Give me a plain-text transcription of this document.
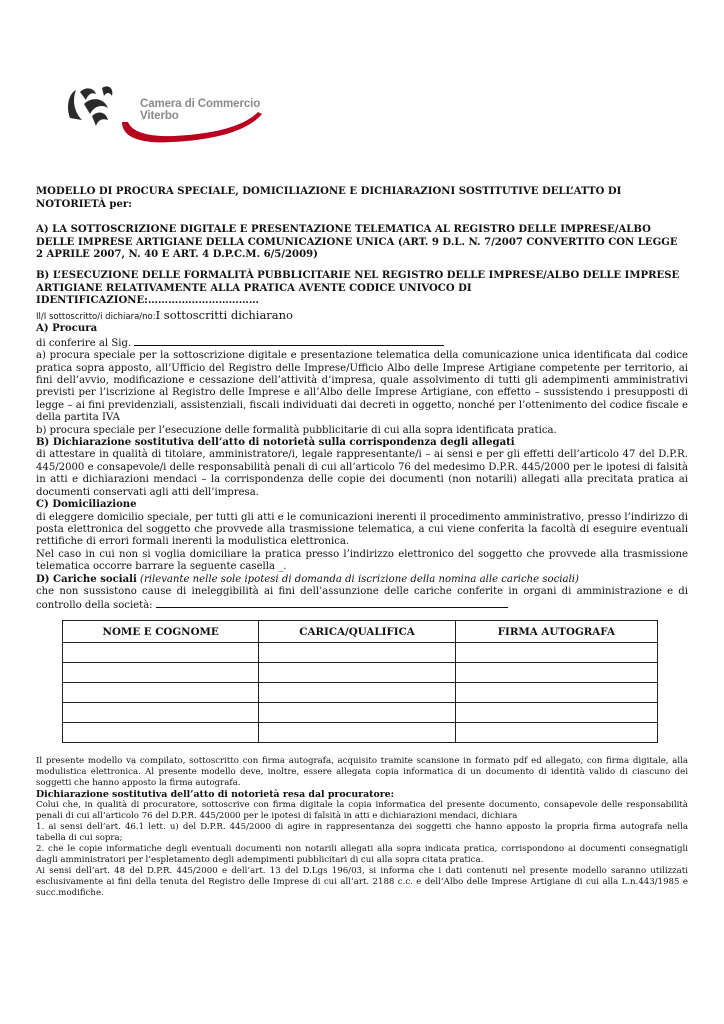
Camera di Commercio
Viterbo
MODELLO DI PROCURA SPECIALE, DOMICILIAZIONE E DICHIARAZIONI SOSTITUTIVE DELL’ATTO DI NOTORIETÀ per:
A) LA SOTTOSCRIZIONE DIGITALE E PRESENTAZIONE TELEMATICA AL REGISTRO DELLE IMPRESE/ALBO DELLE IMPRESE ARTIGIANE DELLA COMUNICAZIONE UNICA (ART. 9 D.L. N. 7/2007 CONVERTITO CON LEGGE 2 APRILE 2007, N. 40 E ART. 4 D.P.C.M. 6/5/2009)
B) L’ESECUZIONE DELLE FORMALITÀ PUBBLICITARIE NEL REGISTRO DELLE IMPRESE/ALBO DELLE IMPRESE ARTIGIANE RELATIVAMENTE ALLA PRATICA AVENTE CODICE UNIVOCO DI IDENTIFICAZIONE:……………………………

Il/I sottoscritto/i dichiara/no:I sottoscritti dichiarano

A) Procura

di conferire al Sig.

a) procura speciale per la sottoscrizione digitale e presentazione telematica della comunicazione unica identificata dal codice pratica sopra apposto, all’Ufficio del Registro delle Imprese/Ufficio Albo delle Imprese Artigiane competente per territorio, ai fini dell’avvio, modificazione e cessazione dell’attività d’impresa, quale assolvimento di tutti gli adempimenti amministrativi previsti per l’iscrizione al Registro delle Imprese e all’Albo delle Imprese Artigiane, con effetto – sussistendo i presupposti di legge – ai fini previdenziali, assistenziali, fiscali individuati dai decreti in oggetto, nonché per l’ottenimento del codice fiscale e della partita IVA

b) procura speciale per l’esecuzione delle formalità pubblicitarie di cui alla sopra identificata pratica.

B) Dichiarazione sostitutiva dell’atto di notorietà sulla corrispondenza degli allegati

di attestare in qualità di titolare, amministratore/i, legale rappresentante/i – ai sensi e per gli effetti dell’articolo 47 del D.P.R. 445/2000 e consapevole/i delle responsabilità penali di cui all’articolo 76 del medesimo D.P.R. 445/2000 per le ipotesi di falsità in atti e dichiarazioni mendaci – la corrispondenza delle copie dei documenti (non notarili) allegati alla precitata pratica ai documenti conservati agli atti dell’impresa.

C) Domiciliazione

di eleggere domicilio speciale, per tutti gli atti e le comunicazioni inerenti il procedimento amministrativo, presso l’indirizzo di posta elettronica del soggetto che provvede alla trasmissione telematica, a cui viene conferita la facoltà di eseguire eventuali rettifiche di errori formali inerenti la modulistica elettronica.

Nel caso in cui non si voglia domiciliare la pratica presso l’indirizzo elettronico del soggetto che provvede alla trasmissione telematica occorre barrare la seguente casella _.

D) Cariche sociali (rilevante nelle sole ipotesi di domanda di iscrizione della nomina alle cariche sociali)

che non sussistono cause di ineleggibilità ai fini dell’assunzione delle cariche conferite in organi di amministrazione e di controllo della società:

NOME E COGNOME	CARICA/QUALIFICA	FIRMA AUTOGRAFA

Il presente modello va compilato, sottoscritto con firma autografa, acquisito tramite scansione in formato pdf ed allegato, con firma digitale, alla modulistica elettronica. Al presente modello deve, inoltre, essere allegata copia informatica di un documento di identità valido di ciascuno dei soggetti che hanno apposto la firma autografa.

Dichiarazione sostitutiva dell’atto di notorietà resa dal procuratore:

Colui che, in qualità di procuratore, sottoscrive con firma digitale la copia informatica del presente documento, consapevole delle responsabilità penali di cui all’articolo 76 del D.P.R. 445/2000 per le ipotesi di falsità in atti e dichiarazioni mendaci, dichiara

1. ai sensi dell’art. 46.1 lett. u) del D.P.R. 445/2000 di agire in rappresentanza dei soggetti che hanno apposto la propria firma autografa nella tabella di cui sopra;

2. che le copie informatiche degli eventuali documenti non notarili allegati alla sopra indicata pratica, corrispondono ai documenti consegnatigli dagli amministratori per l’espletamento degli adempimenti pubblicitari di cui alla sopra citata pratica.

Ai sensi dell’art. 48 del D.P.R. 445/2000 e dell’art. 13 del D.Lgs 196/03, si informa che i dati contenuti nel presente modello saranno utilizzati esclusivamente ai fini della tenuta del Registro delle Imprese di cui all’art. 2188 c.c. e dell’Albo delle Imprese Artigiane di cui alla L.n.443/1985 e succ.modifiche.
